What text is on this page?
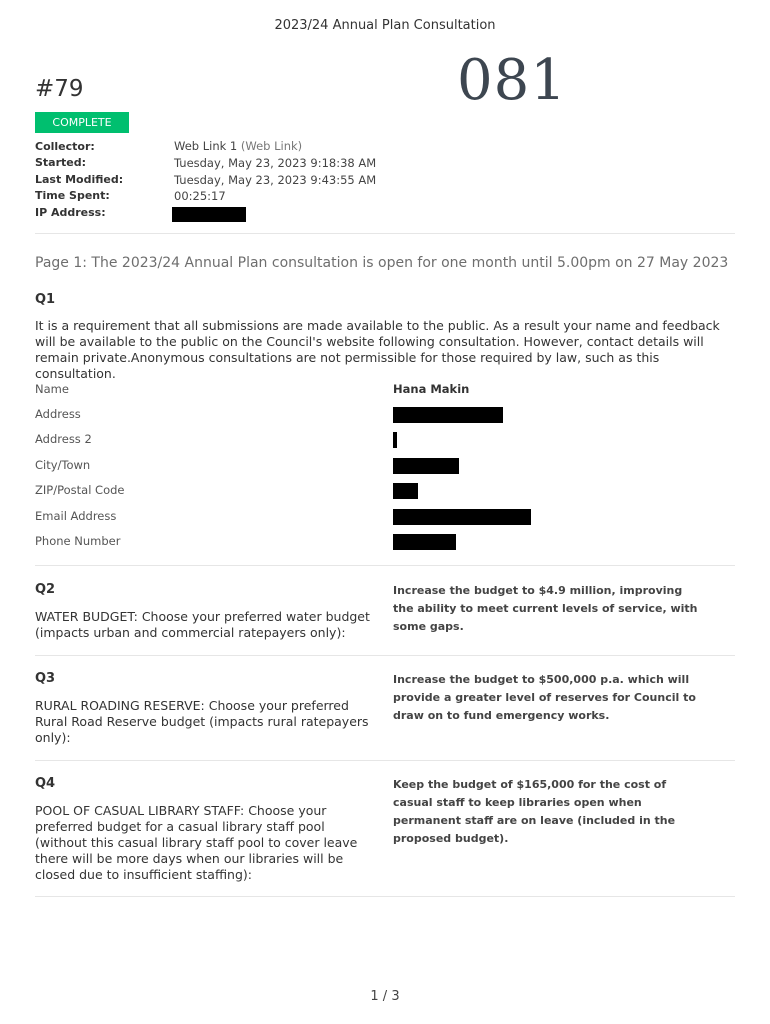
2023/24 Annual Plan Consultation
081
#79
COMPLETE
Collector:	Web Link 1 (Web Link)
Started:	Tuesday, May 23, 2023 9:18:38 AM
Last Modified:	Tuesday, May 23, 2023 9:43:55 AM
Time Spent:	00:25:17
IP Address:
Page 1: The 2023/24 Annual Plan consultation is open for one month until 5.00pm on 27 May 2023
Q1
It is a requirement that all submissions are made available to the public. As a result your name and feedback will be available to the public on the Council's website following consultation. However, contact details will remain private.Anonymous consultations are not permissible for those required by law, such as this consultation.
Name	Hana Makin
Address
Address 2
City/Town
ZIP/Postal Code
Email Address
Phone Number
Q2
WATER BUDGET: Choose your preferred water budget (impacts urban and commercial ratepayers only):
Increase the budget to $4.9 million, improving the ability to meet current levels of service, with some gaps.
Q3
RURAL ROADING RESERVE: Choose your preferred Rural Road Reserve budget (impacts rural ratepayers only):
Increase the budget to $500,000 p.a. which will provide a greater level of reserves for Council to draw on to fund emergency works.
Q4
POOL OF CASUAL LIBRARY STAFF: Choose your preferred budget for a casual library staff pool (without this casual library staff pool to cover leave there will be more days when our libraries will be closed due to insufficient staffing):
Keep the budget of $165,000 for the cost of casual staff to keep libraries open when permanent staff are on leave (included in the proposed budget).
1 / 3
